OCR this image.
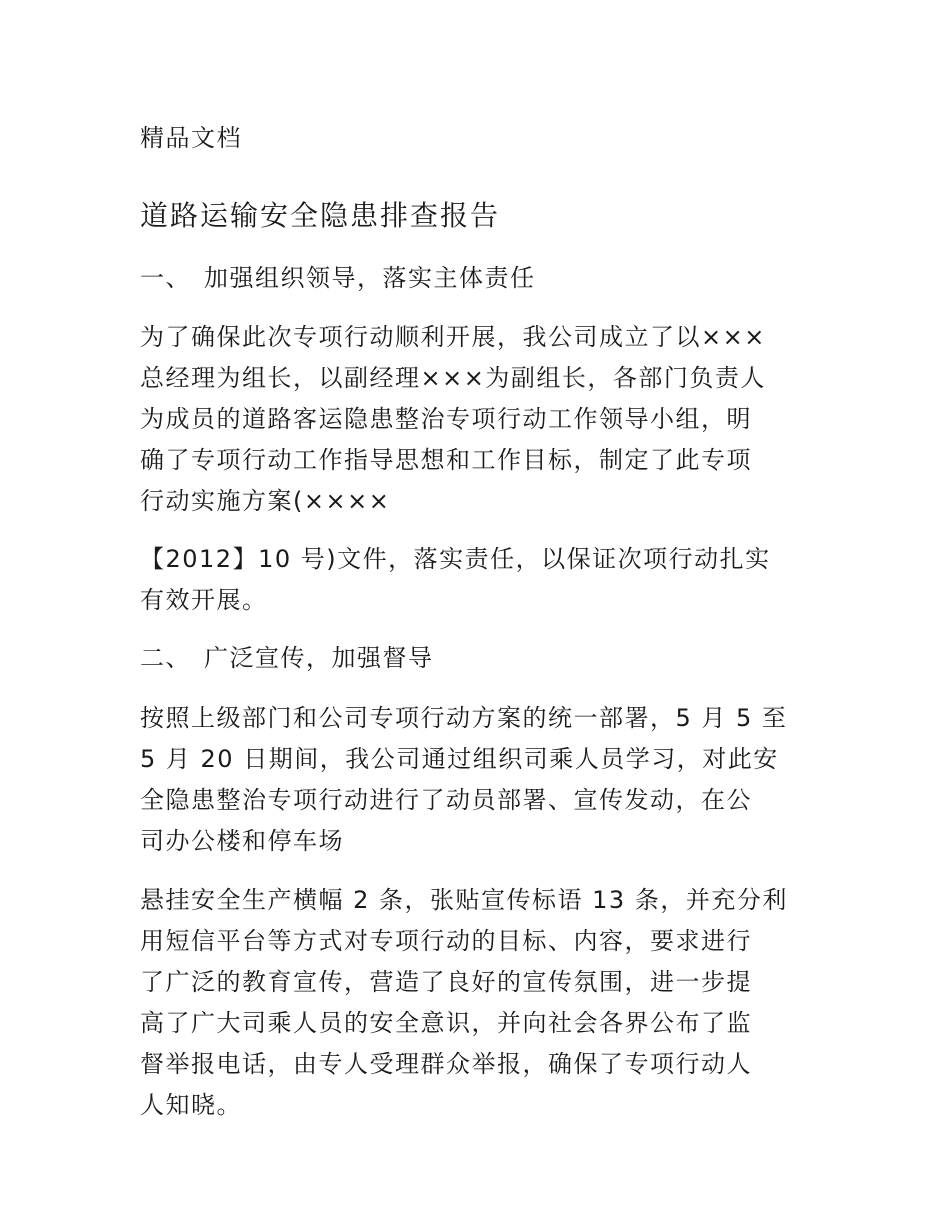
精品文档
道路运输安全隐患排查报告
一、 加强组织领导，落实主体责任
为了确保此次专项行动顺利开展，我公司成立了以×××
总经理为组长，以副经理×××为副组长，各部门负责人
为成员的道路客运隐患整治专项行动工作领导小组，明
确了专项行动工作指导思想和工作目标，制定了此专项
行动实施方案(××××
【2012】10 号)文件，落实责任，以保证次项行动扎实
有效开展。
二、 广泛宣传，加强督导
按照上级部门和公司专项行动方案的统一部署，5 月 5 至
5 月 20 日期间，我公司通过组织司乘人员学习，对此安
全隐患整治专项行动进行了动员部署、宣传发动，在公
司办公楼和停车场
悬挂安全生产横幅 2 条，张贴宣传标语 13 条，并充分利
用短信平台等方式对专项行动的目标、内容，要求进行
了广泛的教育宣传，营造了良好的宣传氛围，进一步提
高了广大司乘人员的安全意识，并向社会各界公布了监
督举报电话，由专人受理群众举报，确保了专项行动人
人知晓。
